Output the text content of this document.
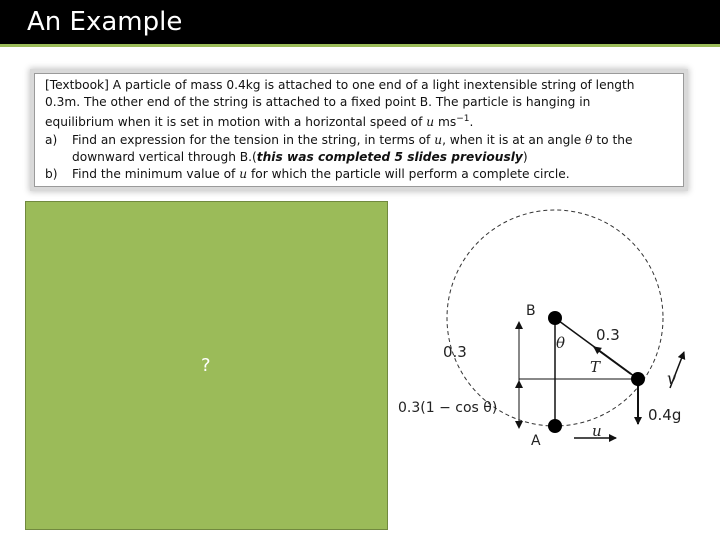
An Example

[Textbook] A particle of mass 0.4kg is attached to one end of a light inextensible string of length

0.3m. The other end of the string is attached to a fixed point B. The particle is hanging in

equilibrium when it is set in motion with a horizontal speed of u $ms^{-1}$.

a) Find an expression for the tension in the string, in terms of u, when it is at an angle θ to the
downward vertical through B.(this was completed 5 slides previously)
b) Find the minimum value of u for which the particle will perform a complete circle.
?
B
A
θ 0.3
0.3
T
v
0.4g
0.3(1 − cos θ)
u
